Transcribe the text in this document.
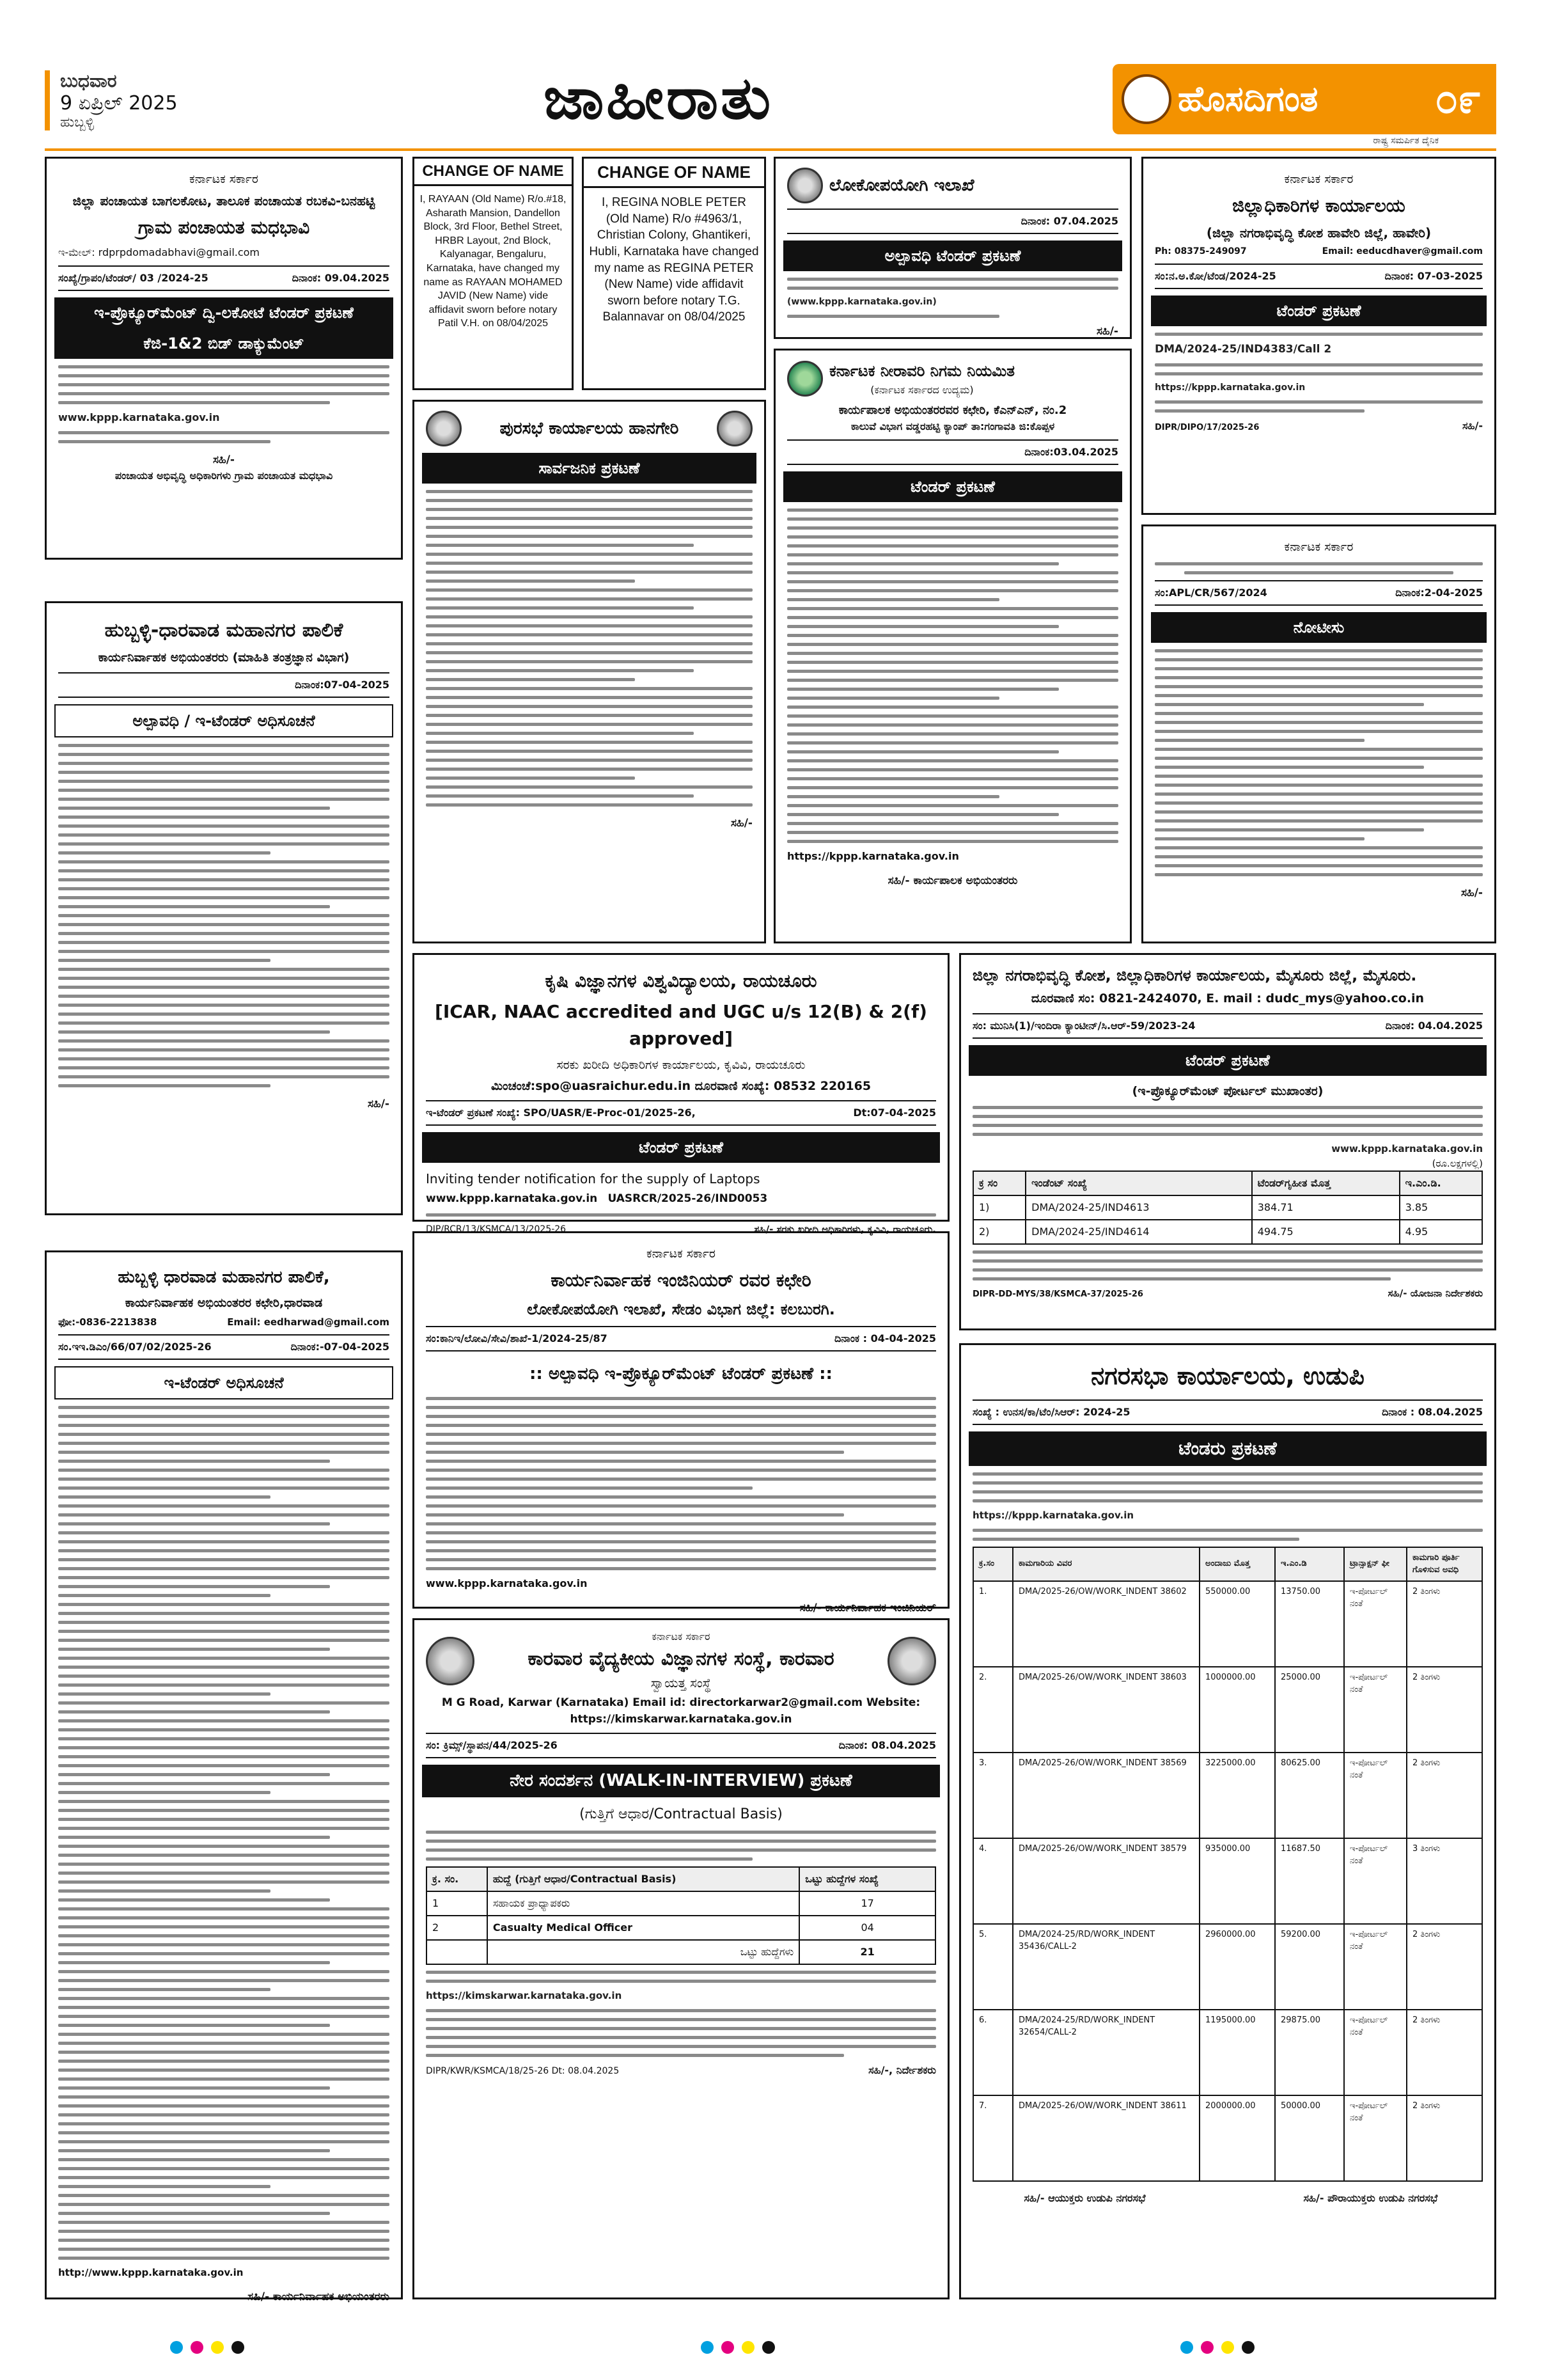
ಬುಧವಾರ
9 ಏಪ್ರಿಲ್ 2025
ಹುಬ್ಬಳ್ಳಿ	ಜಾಹೀರಾತು	ಹೊಸದಿಗಂತ	೦೯
ರಾಷ್ಟ್ರ ಸಮರ್ಪಿತ ದೈನಿಕ
ಕರ್ನಾಟಕ ಸರ್ಕಾರ
ಜಿಲ್ಲಾ ಪಂಚಾಯತ ಬಾಗಲಕೋಟ, ತಾಲೂಕ ಪಂಚಾಯತ ರಬಕವಿ-ಬನಹಟ್ಟಿ
ಗ್ರಾಮ ಪಂಚಾಯತ ಮಧಭಾವಿ
ಇ-ಮೇಲ್: rdprpdomadabhavi@gmail.com
ಸಂಖ್ಯೆ/ಗ್ರಾಪಂ/ಟೆಂಡರ್/ 03 /2024-25	ದಿನಾಂಕ: 09.04.2025
ಇ-ಪ್ರೊಕ್ಯೂರ್‌ಮೆಂಟ್ ದ್ವಿ-ಲಕೋಟೆ ಟೆಂಡರ್ ಪ್ರಕಟಣೆ
ಕೆಜಿ-1&2 ಬಿಡ್ ಡಾಕ್ಯುಮೆಂಟ್
www.kppp.karnataka.gov.in
ಸಹಿ/-
ಪಂಚಾಯತ ಅಭಿವೃದ್ಧಿ ಅಧಿಕಾರಿಗಳು ಗ್ರಾಮ ಪಂಚಾಯತ ಮಧಭಾವಿ
ಹುಬ್ಬಳ್ಳಿ-ಧಾರವಾಡ ಮಹಾನಗರ ಪಾಲಿಕೆ
ಕಾರ್ಯನಿರ್ವಾಹಕ ಅಭಿಯಂತರರು (ಮಾಹಿತಿ ತಂತ್ರಜ್ಞಾನ ವಿಭಾಗ)
ದಿನಾಂಕ:07-04-2025
ಅಲ್ಪಾವಧಿ / ಇ-ಟೆಂಡರ್ ಅಧಿಸೂಚನೆ
ಸಹಿ/-
ಹುಬ್ಬಳ್ಳಿ ಧಾರವಾಡ ಮಹಾನಗರ ಪಾಲಿಕೆ,
ಕಾರ್ಯನಿರ್ವಾಹಕ ಅಭಿಯಂತರರ ಕಛೇರಿ,ಧಾರವಾಡ
ಫೋ:-0836-2213838	Email: eedharwad@gmail.com
ಸಂ.ಇಇ.ಡಿಎಂ/66/07/02/2025-26	ದಿನಾಂಕ:-07-04-2025
ಇ-ಟೆಂಡರ್ ಅಧಿಸೂಚನೆ
http://www.kppp.karnataka.gov.in
ಸಹಿ/- ಕಾರ್ಯನಿರ್ವಾಹಕ ಅಭಿಯಂತರರು
CHANGE OF NAME
I, RAYAAN (Old Name) R/o.#18, Asharath Mansion, Dandellon Block, 3rd Floor, Bethel Street, HRBR Layout, 2nd Block, Kalyanagar, Bengaluru, Karnataka, have changed my name as RAYAAN MOHAMED JAVID (New Name) vide affidavit sworn before notary Patil V.H. on 08/04/2025
CHANGE OF NAME
I, REGINA NOBLE PETER (Old Name) R/o #4963/1, Christian Colony, Ghantikeri, Hubli, Karnataka have changed my name as REGINA PETER (New Name) vide affidavit sworn before notary T.G. Balannavar on 08/04/2025
ಪುರಸಭೆ ಕಾರ್ಯಾಲಯ ಹಾನಗೇರಿ
ಸಾರ್ವಜನಿಕ ಪ್ರಕಟಣೆ
ಸಹಿ/-
ಕೃಷಿ ವಿಜ್ಞಾನಗಳ ವಿಶ್ವವಿದ್ಯಾಲಯ, ರಾಯಚೂರು
[ICAR, NAAC accredited and UGC u/s 12(B) & 2(f) approved]
ಸರಕು ಖರೀದಿ ಅಧಿಕಾರಿಗಳ ಕಾರ್ಯಾಲಯ, ಕೃವಿವಿ, ರಾಯಚೂರು
ಮಿಂಚಂಚೆ:spo@uasraichur.edu.in ದೂರವಾಣಿ ಸಂಖ್ಯೆ: 08532 220165
ಇ-ಟೆಂಡರ್ ಪ್ರಕಟಣೆ ಸಂಖ್ಯೆ: SPO/UASR/E-Proc-01/2025-26,	Dt:07-04-2025
ಟೆಂಡರ್ ಪ್ರಕಟಣೆ
Inviting tender notification for the supply of Laptops
www.kppp.karnataka.gov.in UASRCR/2025-26/IND0053
DIP/RCR/13/KSMCA/13/2025-26	ಸಹಿ/- ಸರಕು ಖರೀದಿ ಅಧಿಕಾರಿಗಳು, ಕೃವಿವಿ, ರಾಯಚೂರು.
ಕರ್ನಾಟಕ ಸರ್ಕಾರ
ಕಾರ್ಯನಿರ್ವಾಹಕ ಇಂಜಿನಿಯರ್ ರವರ ಕಛೇರಿ
ಲೋಕೋಪಯೋಗಿ ಇಲಾಖೆ, ಸೇಡಂ ವಿಭಾಗ ಜಿಲ್ಲೆ: ಕಲಬುರಗಿ.
ಸಂ:ಕಾನಿಇ/ಲೋವಿ/ಸೇವಿ/ಶಾಖೆ-1/2024-25/87	ದಿನಾಂಕ : 04-04-2025
:: ಅಲ್ಪಾವಧಿ ಇ-ಪ್ರೊಕ್ಯೂರ್‌ಮೆಂಟ್ ಟೆಂಡರ್ ಪ್ರಕಟಣೆ ::
www.kppp.karnataka.gov.in
ಸಹಿ/- ಕಾರ್ಯನಿರ್ವಾಹಕ ಇಂಜಿನಿಯರ್
ಕರ್ನಾಟಕ ಸರ್ಕಾರ
ಕಾರವಾರ ವೈದ್ಯಕೀಯ ವಿಜ್ಞಾನಗಳ ಸಂಸ್ಥೆ, ಕಾರವಾರ
ಸ್ವಾಯತ್ತ ಸಂಸ್ಥೆ
M G Road, Karwar (Karnataka) Email id: directorkarwar2@gmail.com Website: https://kimskarwar.karnataka.gov.in
ಸಂ: ಕ್ರಿಮ್ಸ್/ಸ್ಥಾಪನ/44/2025-26	ದಿನಾಂಕ: 08.04.2025
ನೇರ ಸಂದರ್ಶನ (WALK-IN-INTERVIEW) ಪ್ರಕಟಣೆ
(ಗುತ್ತಿಗೆ ಆಧಾರ/Contractual Basis)
ಕ್ರ. ಸಂ.	ಹುದ್ದೆ (ಗುತ್ತಿಗೆ ಆಧಾರ/Contractual Basis)	ಒಟ್ಟು ಹುದ್ದೆಗಳ ಸಂಖ್ಯೆ
1	ಸಹಾಯಕ ಪ್ರಾಧ್ಯಾಪಕರು	17
2	Casualty Medical Officer	04
	ಒಟ್ಟು ಹುದ್ದೆಗಳು	21
https://kimskarwar.karnataka.gov.in
DIPR/KWR/KSMCA/18/25-26 Dt: 08.04.2025	ಸಹಿ/-, ನಿರ್ದೇಶಕರು
ಲೋಕೋಪಯೋಗಿ ಇಲಾಖೆ
ದಿನಾಂಕ: 07.04.2025
ಅಲ್ಪಾವಧಿ ಟೆಂಡರ್ ಪ್ರಕಟಣೆ
(www.kppp.karnataka.gov.in)
ಸಹಿ/-
ಕರ್ನಾಟಕ ನೀರಾವರಿ ನಿಗಮ ನಿಯಮಿತ
(ಕರ್ನಾಟಕ ಸರ್ಕಾರದ ಉದ್ಯಮ)
ಕಾರ್ಯಪಾಲಕ ಅಭಿಯಂತರರವರ ಕಛೇರಿ, ಕೆಎನ್‌ಎನ್, ನಂ.2
ಕಾಲುವೆ ವಿಭಾಗ ವಡ್ಡರಹಟ್ಟಿ ಕ್ಯಾಂಪ್ ತಾ:ಗಂಗಾವತಿ ಜಿ:ಕೊಪ್ಪಳ
ದಿನಾಂಕ:03.04.2025
ಟೆಂಡರ್ ಪ್ರಕಟಣೆ
https://kppp.karnataka.gov.in
ಸಹಿ/- ಕಾರ್ಯಪಾಲಕ ಅಭಿಯಂತರರು
ಕರ್ನಾಟಕ ಸರ್ಕಾರ
ಜಿಲ್ಲಾಧಿಕಾರಿಗಳ ಕಾರ್ಯಾಲಯ
(ಜಿಲ್ಲಾ ನಗರಾಭಿವೃದ್ಧಿ ಕೋಶ ಹಾವೇರಿ ಜಿಲ್ಲೆ, ಹಾವೇರಿ)
Ph: 08375-249097	Email: eeducdhaver@gmail.com
ಸಂ:ನ.ಅ.ಕೋ/ಟೆಂಡ/2024-25	ದಿನಾಂಕ: 07-03-2025
ಟೆಂಡರ್ ಪ್ರಕಟಣೆ
DMA/2024-25/IND4383/Call 2
https://kppp.karnataka.gov.in
DIPR/DIPO/17/2025-26	ಸಹಿ/-
ಕರ್ನಾಟಕ ಸರ್ಕಾರ
ಸಂ:APL/CR/567/2024	ದಿನಾಂಕ:2-04-2025
ನೋಟೀಸು
ಸಹಿ/-
ಜಿಲ್ಲಾ ನಗರಾಭಿವೃದ್ಧಿ ಕೋಶ, ಜಿಲ್ಲಾಧಿಕಾರಿಗಳ ಕಾರ್ಯಾಲಯ, ಮೈಸೂರು ಜಿಲ್ಲೆ, ಮೈಸೂರು.
ದೂರವಾಣಿ ಸಂ: 0821-2424070, E. mail : dudc_mys@yahoo.co.in
ಸಂ: ಮುನಿಸಿ(1)/ಇಂದಿರಾ ಕ್ಯಾಂಟೀನ್/ಸಿ.ಆರ್-59/2023-24	ದಿನಾಂಕ: 04.04.2025
ಟೆಂಡರ್ ಪ್ರಕಟಣೆ
(ಇ-ಪ್ರೊಕ್ಯೂರ್‌ಮೆಂಟ್ ಪೋರ್ಟಲ್ ಮುಖಾಂತರ)
www.kppp.karnataka.gov.in
(ರೂ.ಲಕ್ಷಗಳಲ್ಲಿ)
ಕ್ರ ಸಂ	ಇಂಡೆಂಟ್ ಸಂಖ್ಯೆ	ಟೆಂಡರ್‌ಗೃಹೀತ ಮೊತ್ತ	ಇ.ಎಂ.ಡಿ.
1)	DMA/2024-25/IND4613	384.71	3.85
2)	DMA/2024-25/IND4614	494.75	4.95
DIPR-DD-MYS/38/KSMCA-37/2025-26	ಸಹಿ/- ಯೋಜನಾ ನಿರ್ದೇಶಕರು
ನಗರಸಭಾ ಕಾರ್ಯಾಲಯ, ಉಡುಪಿ
ಸಂಖ್ಯೆ : ಉನಸ/ಕಾ/ಟೆಂ/ಸಿಆರ್: 2024-25	ದಿನಾಂಕ : 08.04.2025
ಟೆಂಡರು ಪ್ರಕಟಣೆ
https://kppp.karnataka.gov.in
ಕ್ರ.ಸಂ	ಕಾಮಗಾರಿಯ ವಿವರ	ಅಂದಾಜು ಮೊತ್ತ	ಇ.ಎಂ.ಡಿ	ಟ್ರಾನ್ಸಾಕ್ಷನ್ ಫೀ	ಕಾಮಗಾರಿ ಪೂರ್ತಿ ಗೊಳಿಸುವ ಅವಧಿ
1.	DMA/2025-26/OW/WORK_INDENT 38602	550000.00	13750.00	ಇ-ಪೋರ್ಟಲ್ ನಂತೆ	2 ತಿಂಗಳು
2.	DMA/2025-26/OW/WORK_INDENT 38603	1000000.00	25000.00	ಇ-ಪೋರ್ಟಲ್ ನಂತೆ	2 ತಿಂಗಳು
3.	DMA/2025-26/OW/WORK_INDENT 38569	3225000.00	80625.00	ಇ-ಪೋರ್ಟಲ್ ನಂತೆ	2 ತಿಂಗಳು
4.	DMA/2025-26/OW/WORK_INDENT 38579	935000.00	11687.50	ಇ-ಪೋರ್ಟಲ್ ನಂತೆ	3 ತಿಂಗಳು
5.	DMA/2024-25/RD/WORK_INDENT 35436/CALL-2	2960000.00	59200.00	ಇ-ಪೋರ್ಟಲ್ ನಂತೆ	2 ತಿಂಗಳು
6.	DMA/2024-25/RD/WORK_INDENT 32654/CALL-2	1195000.00	29875.00	ಇ-ಪೋರ್ಟಲ್ ನಂತೆ	2 ತಿಂಗಳು
7.	DMA/2025-26/OW/WORK_INDENT 38611	2000000.00	50000.00	ಇ-ಪೋರ್ಟಲ್ ನಂತೆ	2 ತಿಂಗಳು
ಸಹಿ/- ಆಯುಕ್ತರು ಉಡುಪಿ ನಗರಸಭೆ	ಸಹಿ/- ಪೌರಾಯುಕ್ತರು ಉಡುಪಿ ನಗರಸಭೆ
